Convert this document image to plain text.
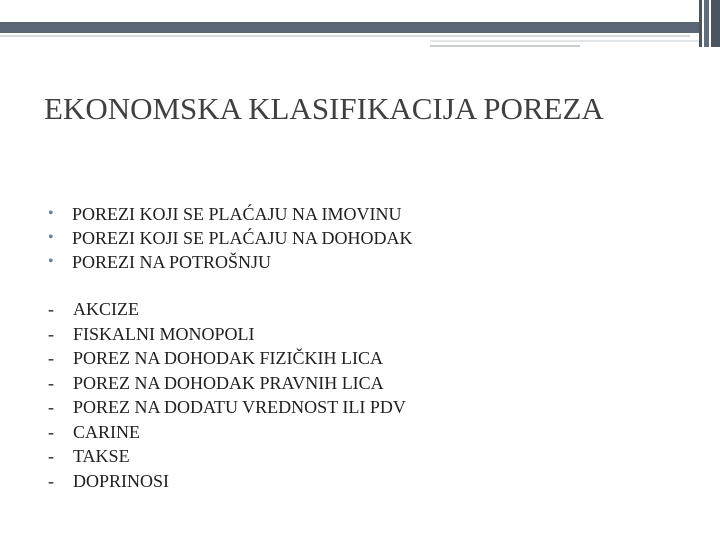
EKONOMSKA KLASIFIKACIJA POREZA
•	POREZI KOJI SE PLAĆAJU NA IMOVINU
•	POREZI KOJI SE PLAĆAJU NA DOHODAK
•	POREZI NA POTROŠNJU
-	AKCIZE
-	FISKALNI MONOPOLI
-	POREZ NA DOHODAK FIZIČKIH LICA
-	POREZ NA DOHODAK PRAVNIH LICA
-	POREZ NA DODATU VREDNOST ILI PDV
-	CARINE
-	TAKSE
-	DOPRINOSI
